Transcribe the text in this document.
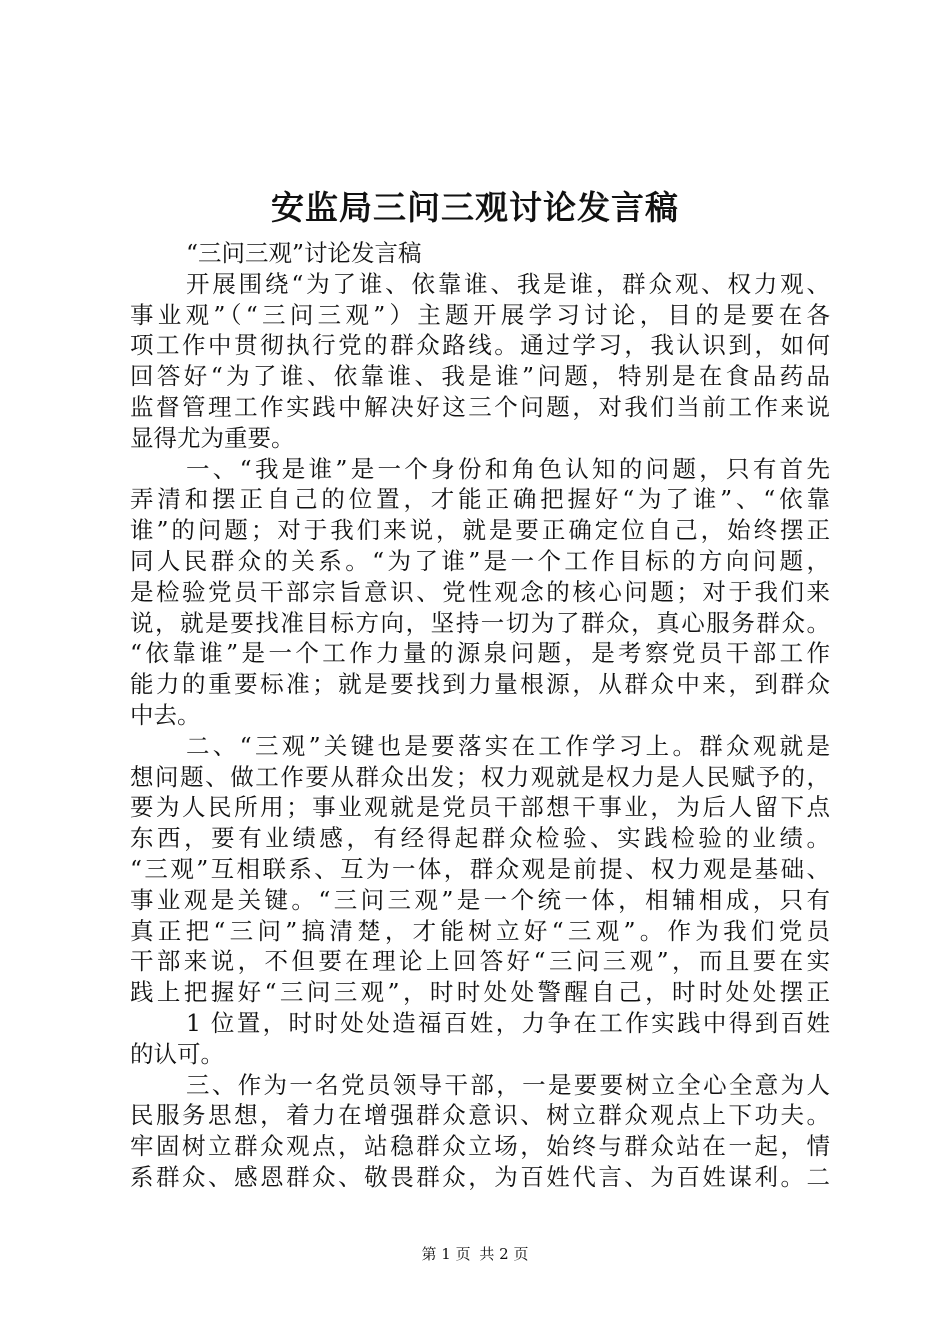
安监局三问三观讨论发言稿
“三问三观”讨论发言稿
开展围绕“为了谁、依靠谁、我是谁，群众观、权力观、
事业观”（“三问三观”）主题开展学习讨论，目的是要在各
项工作中贯彻执行党的群众路线。通过学习，我认识到，如何
回答好“为了谁、依靠谁、我是谁”问题，特别是在食品药品
监督管理工作实践中解决好这三个问题，对我们当前工作来说
显得尤为重要。
一、“我是谁”是一个身份和角色认知的问题，只有首先
弄清和摆正自己的位置，才能正确把握好“为了谁”、“依靠
谁”的问题；对于我们来说，就是要正确定位自己，始终摆正
同人民群众的关系。“为了谁”是一个工作目标的方向问题，
是检验党员干部宗旨意识、党性观念的核心问题；对于我们来
说，就是要找准目标方向，坚持一切为了群众，真心服务群众。
“依靠谁”是一个工作力量的源泉问题，是考察党员干部工作
能力的重要标准；就是要找到力量根源，从群众中来，到群众
中去。
二、“三观”关键也是要落实在工作学习上。群众观就是
想问题、做工作要从群众出发；权力观就是权力是人民赋予的，
要为人民所用；事业观就是党员干部想干事业，为后人留下点
东西，要有业绩感，有经得起群众检验、实践检验的业绩。
“三观”互相联系、互为一体，群众观是前提、权力观是基础、
事业观是关键。“三问三观”是一个统一体，相辅相成，只有
真正把“三问”搞清楚，才能树立好“三观”。作为我们党员
干部来说，不但要在理论上回答好“三问三观”，而且要在实
践上把握好“三问三观”，时时处处警醒自己，时时处处摆正
1 位置，时时处处造福百姓，力争在工作实践中得到百姓
的认可。
三、作为一名党员领导干部，一是要要树立全心全意为人
民服务思想，着力在增强群众意识、树立群众观点上下功夫。
牢固树立群众观点，站稳群众立场，始终与群众站在一起，情
系群众、感恩群众、敬畏群众，为百姓代言、为百姓谋利。二
第 1 页 共 2 页
